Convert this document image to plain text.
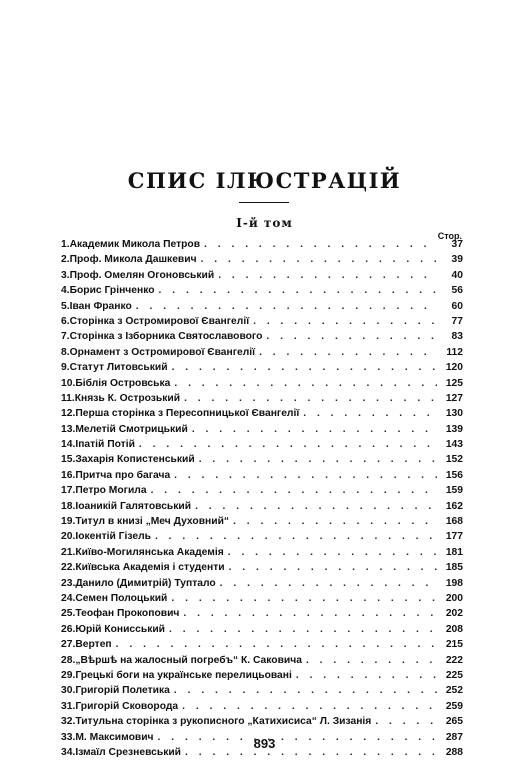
СПИС ІЛЮСТРАЦІЙ
І-й том
Стор.
1. Академик Микола Петров . . .	37
2. Проф. Микола Дашкевич . . .	39
3. Проф. Омелян Огоновський . . .	40
4. Борис Грінченко . . .	56
5. Іван Франко . . .	60
6. Сторінка з Остромирової Євангелії . . .	77
7. Сторінка з Ізборника Святославового . . .	83
8. Орнамент з Остромирової Євангелії . . .	112
9. Статут Литовський . . .	120
10. Біблія Островська . . .	125
11. Князь К. Острозький . . .	127
12. Перша сторінка з Пересопницької Євангелії . . .	130
13. Мелетій Смотрицький . . .	139
14. Іпатій Потій . . .	143
15. Захарія Копистенський . . .	152
16. Притча про багача . . .	156
17. Петро Могила . . .	159
18. Іоаникій Галятовський . . .	162
19. Титул в книзі „Меч Духовний“ . . .	168
20. Іокентій Гізель . . .	177
21. Київо-Могилянська Академія . . .	181
22. Київська Академія і студенти . . .	185
23. Данило (Димитрій) Туптало . . .	198
24. Семен Полоцький . . .	200
25. Теофан Прокопович . . .	202
26. Юрій Конисський . . .	208
27. Вертеп . . .	215
28. „Вѣршѣ на жалосный погребъ“ К. Саковича . . .	222
29. Грецькі боги на українське перелицьовані . . .	225
30. Григорій Полетика . . .	252
31. Григорій Сковорода . . .	259
32. Титульна сторінка з рукописного „Катихисиса“ Л. Зизанія . . .	265
33. М. Максимович . . .	287
34. Ізмаїл Срезневський . . .	288
893
